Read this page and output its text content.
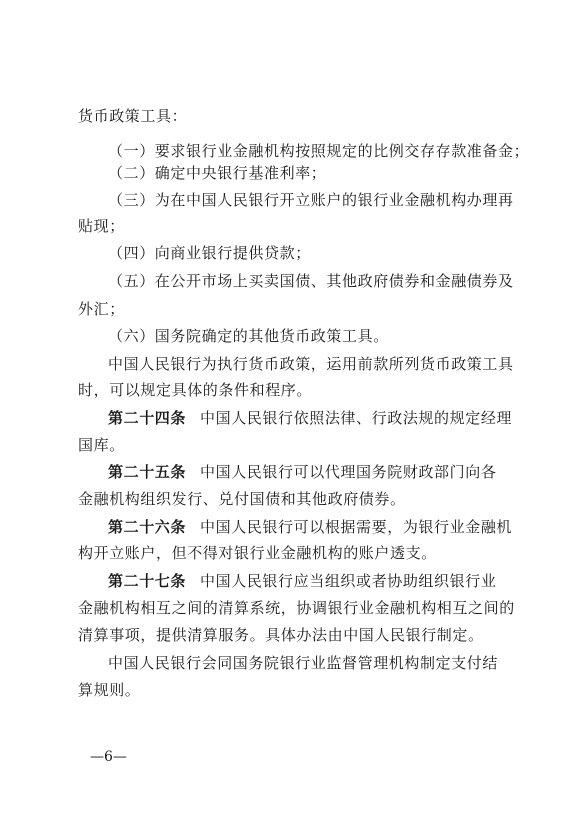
货币政策工具：
（一）要求银行业金融机构按照规定的比例交存存款准备金；
（二）确定中央银行基准利率；
（三）为在中国人民银行开立账户的银行业金融机构办理再
贴现；
（四）向商业银行提供贷款；
（五）在公开市场上买卖国债、其他政府债券和金融债券及
外汇；
（六）国务院确定的其他货币政策工具。
中国人民银行为执行货币政策，运用前款所列货币政策工具
时，可以规定具体的条件和程序。
第二十四条 中国人民银行依照法律、行政法规的规定经理
国库。
第二十五条 中国人民银行可以代理国务院财政部门向各
金融机构组织发行、兑付国债和其他政府债券。
第二十六条 中国人民银行可以根据需要，为银行业金融机
构开立账户，但不得对银行业金融机构的账户透支。
第二十七条 中国人民银行应当组织或者协助组织银行业
金融机构相互之间的清算系统，协调银行业金融机构相互之间的
清算事项，提供清算服务。具体办法由中国人民银行制定。
中国人民银行会同国务院银行业监督管理机构制定支付结
算规则。
—6—
